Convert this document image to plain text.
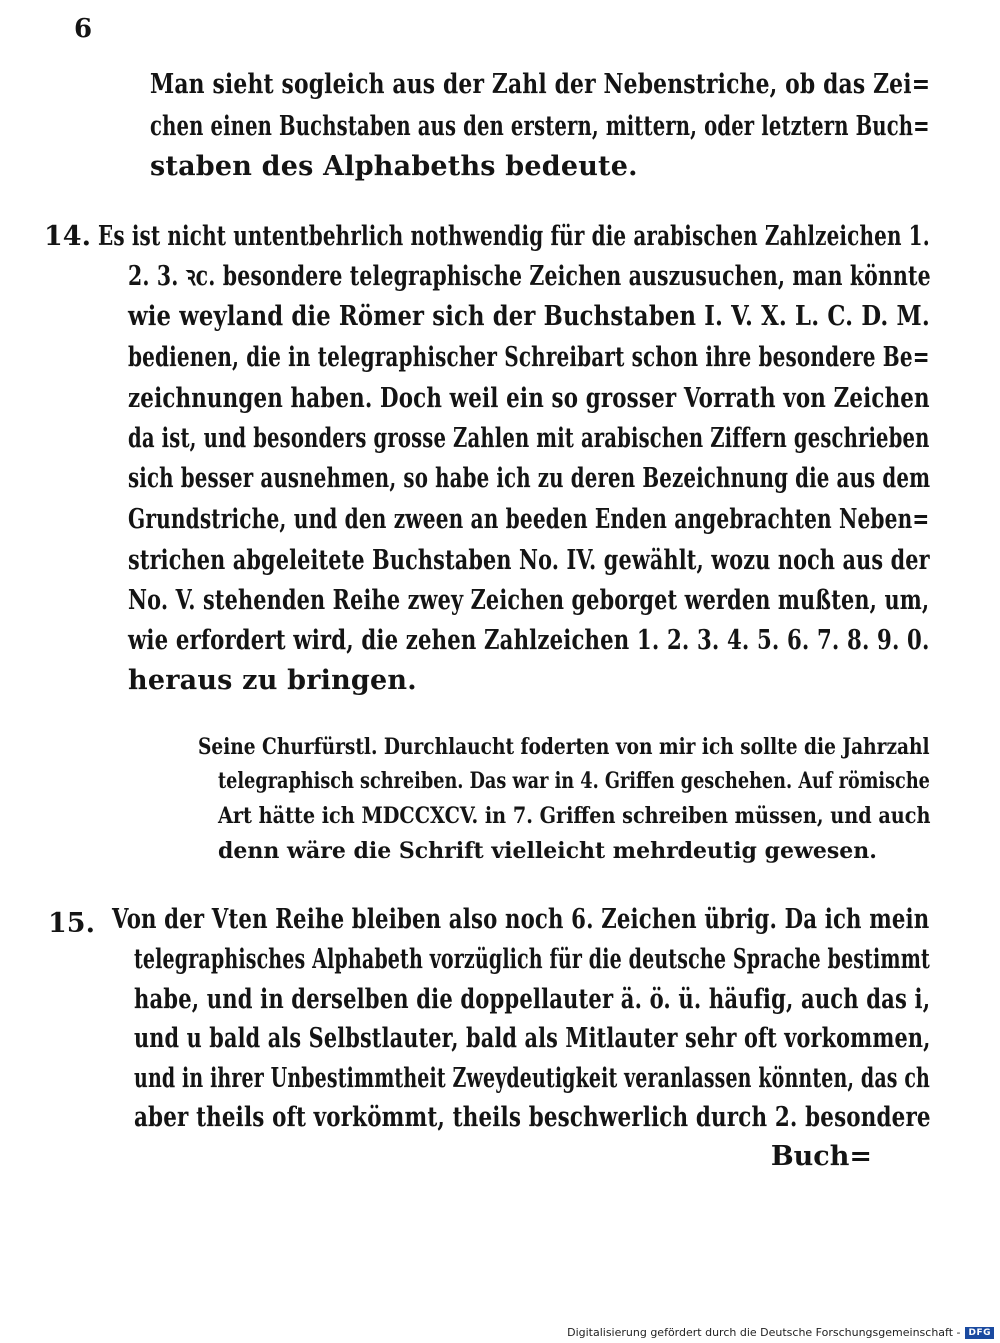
6
Man sieht sogleich aus der Zahl der Nebenstriche, ob das Zei=
chen einen Buchstaben aus den erstern, mittern, oder letztern Buch=
staben des Alphabeths bedeute.
14. Es ist nicht untentbehrlich nothwendig für die arabischen Zahlzeichen 1.
2. 3. ꝛc. besondere telegraphische Zeichen auszusuchen, man könnte
wie weyland die Römer sich der Buchstaben I. V. X. L. C. D. M.
bedienen, die in telegraphischer Schreibart schon ihre besondere Be=
zeichnungen haben. Doch weil ein so grosser Vorrath von Zeichen
da ist, und besonders grosse Zahlen mit arabischen Ziffern geschrieben
sich besser ausnehmen, so habe ich zu deren Bezeichnung die aus dem
Grundstriche, und den zween an beeden Enden angebrachten Neben=
strichen abgeleitete Buchstaben No. IV. gewählt, wozu noch aus der
No. V. stehenden Reihe zwey Zeichen geborget werden mußten, um,
wie erfordert wird, die zehen Zahlzeichen 1. 2. 3. 4. 5. 6. 7. 8. 9. 0.
heraus zu bringen.
Seine Churfürstl. Durchlaucht foderten von mir ich sollte die Jahrzahl
telegraphisch schreiben. Das war in 4. Griffen geschehen. Auf römische
Art hätte ich MDCCXCV. in 7. Griffen schreiben müssen, und auch
denn wäre die Schrift vielleicht mehrdeutig gewesen.
15. Von der Vten Reihe bleiben also noch 6. Zeichen übrig. Da ich mein
telegraphisches Alphabeth vorzüglich für die deutsche Sprache bestimmt
habe, und in derselben die doppellauter ä. ö. ü. häufig, auch das i,
und u bald als Selbstlauter, bald als Mitlauter sehr oft vorkommen,
und in ihrer Unbestimmtheit Zweydeutigkeit veranlassen könnten, das ch
aber theils oft vorkömmt, theils beschwerlich durch 2. besondere
Buch=
Digitalisierung gefördert durch die Deutsche Forschungsgemeinschaft - DFG
